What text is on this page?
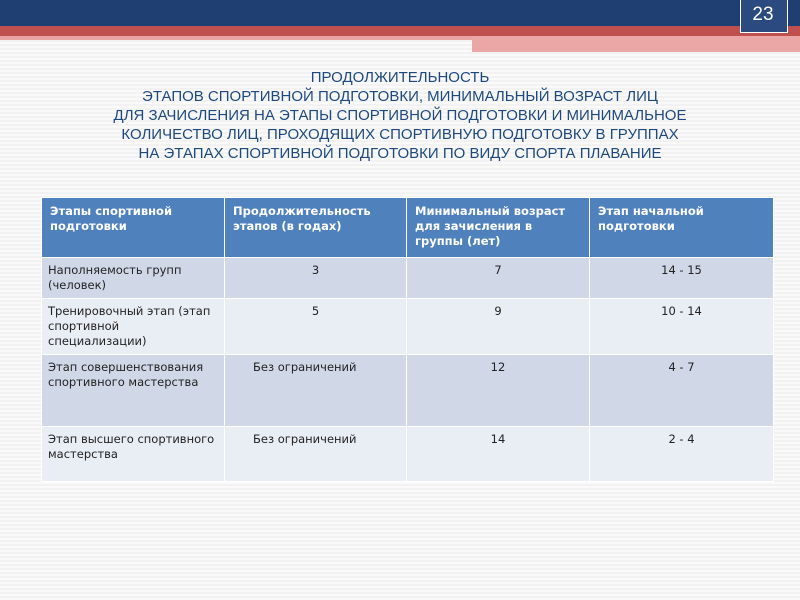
23
ПРОДОЛЖИТЕЛЬНОСТЬ
ЭТАПОВ СПОРТИВНОЙ ПОДГОТОВКИ, МИНИМАЛЬНЫЙ ВОЗРАСТ ЛИЦ
ДЛЯ ЗАЧИСЛЕНИЯ НА ЭТАПЫ СПОРТИВНОЙ ПОДГОТОВКИ И МИНИМАЛЬНОЕ
КОЛИЧЕСТВО ЛИЦ, ПРОХОДЯЩИХ СПОРТИВНУЮ ПОДГОТОВКУ В ГРУППАХ
НА ЭТАПАХ СПОРТИВНОЙ ПОДГОТОВКИ ПО ВИДУ СПОРТА ПЛАВАНИЕ
Этапы спортивной подготовки	Продолжительность этапов (в годах)	Минимальный возраст для зачисления в группы (лет)	Этап начальной подготовки
Наполняемость групп (человек)	3	7	14 - 15
Тренировочный этап (этап спортивной специализации)	5	9	10 - 14
Этап совершенствования спортивного мастерства	Без ограничений	12	4 - 7
Этап высшего спортивного мастерства	Без ограничений	14	2 - 4
